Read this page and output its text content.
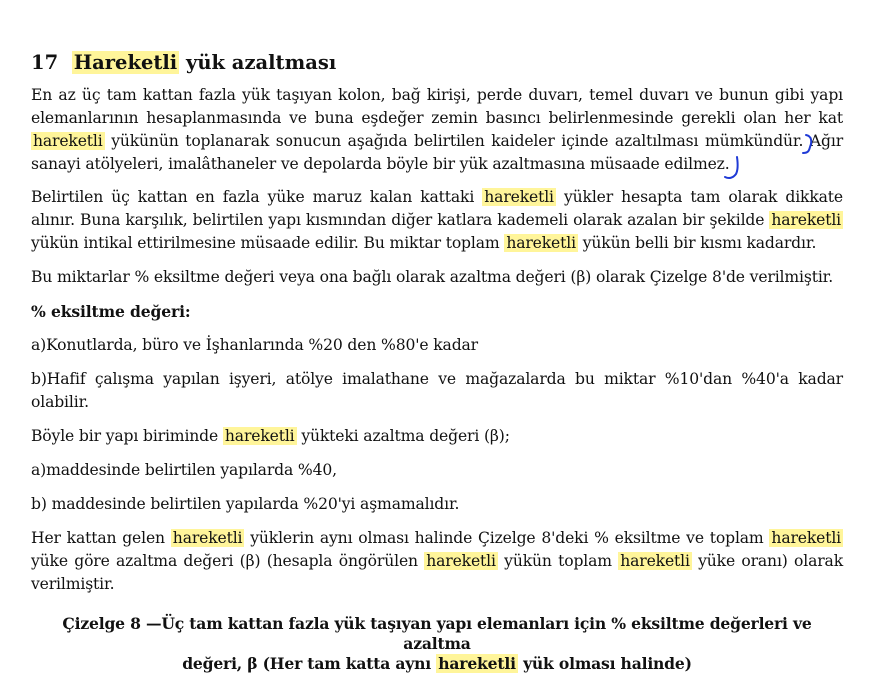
17 Hareketli yük azaltması

En az üç tam kattan fazla yük taşıyan kolon, bağ kirişi, perde duvarı, temel duvarı ve bunun gibi yapı elemanlarının hesaplanmasında ve buna eşdeğer zemin basıncı belirlenmesinde gerekli olan her kat hareketli yükünün toplanarak sonucun aşağıda belirtilen kaideler içinde azaltılması mümkündür. Ağır sanayi atölyeleri, imalâthaneler ve depolarda böyle bir yük azaltmasına müsaade edilmez.

Belirtilen üç kattan en fazla yüke maruz kalan kattaki hareketli yükler hesapta tam olarak dikkate alınır. Buna karşılık, belirtilen yapı kısmından diğer katlara kademeli olarak azalan bir şekilde hareketli yükün intikal ettirilmesine müsaade edilir. Bu miktar toplam hareketli yükün belli bir kısmı kadardır.

Bu miktarlar % eksiltme değeri veya ona bağlı olarak azaltma değeri (β) olarak Çizelge 8'de verilmiştir.

% eksiltme değeri:

a)Konutlarda, büro ve İşhanlarında %20 den %80'e kadar

b)Hafif çalışma yapılan işyeri, atölye imalathane ve mağazalarda bu miktar %10'dan %40'a kadar olabilir.

Böyle bir yapı biriminde hareketli yükteki azaltma değeri (β);

a)maddesinde belirtilen yapılarda %40,

b) maddesinde belirtilen yapılarda %20'yi aşmamalıdır.

Her kattan gelen hareketli yüklerin aynı olması halinde Çizelge 8'deki % eksiltme ve toplam hareketli yüke göre azaltma değeri (β) (hesapla öngörülen hareketli yükün toplam hareketli yüke oranı) olarak verilmiştir.

Çizelge 8 —Üç tam kattan fazla yük taşıyan yapı elemanları için % eksiltme değerleri ve azaltma
değeri, β (Her tam katta aynı hareketli yük olması halinde)
